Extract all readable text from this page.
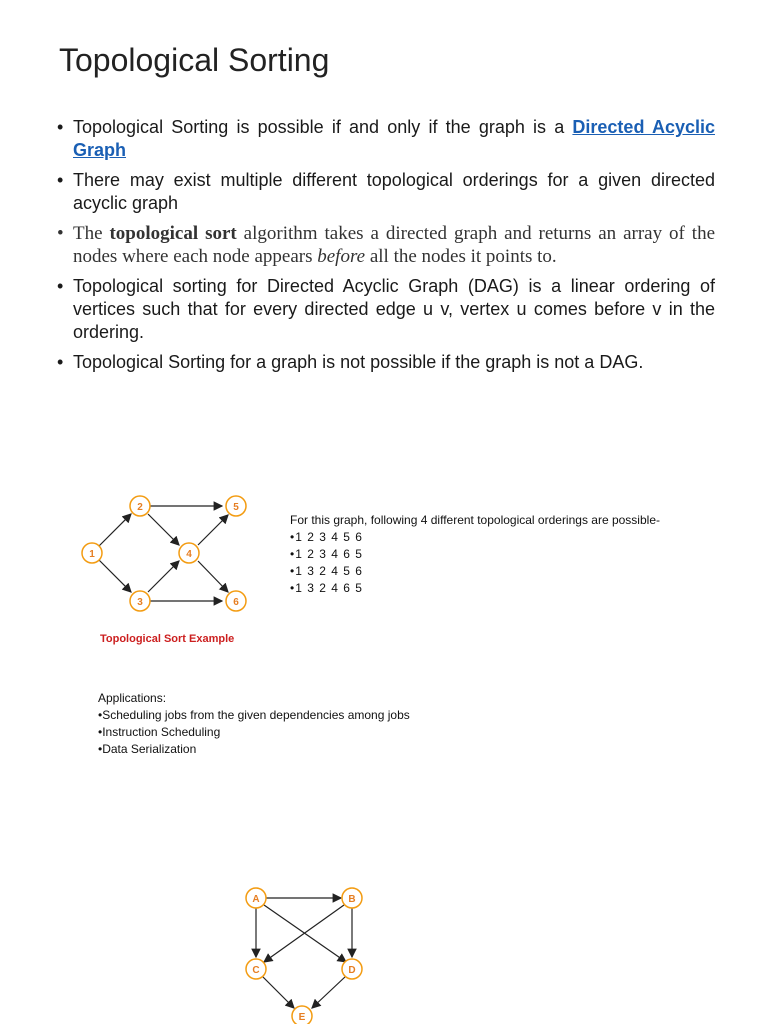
Topological Sorting
• Topological Sorting is possible if and only if the graph is a Directed Acyclic Graph
• There may exist multiple different topological orderings for a given directed acyclic graph
• The topological sort algorithm takes a directed graph and returns an array of the nodes where each node appears before all the nodes it points to.
• Topological sorting for Directed Acyclic Graph (DAG) is a linear ordering of vertices such that for every directed edge u v, vertex u comes before v in the ordering.
• Topological Sorting for a graph is not possible if the graph is not a DAG.
1
2
3
4
5
6
Topological Sort Example
For this graph, following 4 different topological orderings are possible-
•1 2 3 4 5 6
•1 2 3 4 6 5
•1 3 2 4 5 6
•1 3 2 4 6 5
Applications:
•Scheduling jobs from the given dependencies among jobs
•Instruction Scheduling
•Data Serialization
A	B
C	D
E
